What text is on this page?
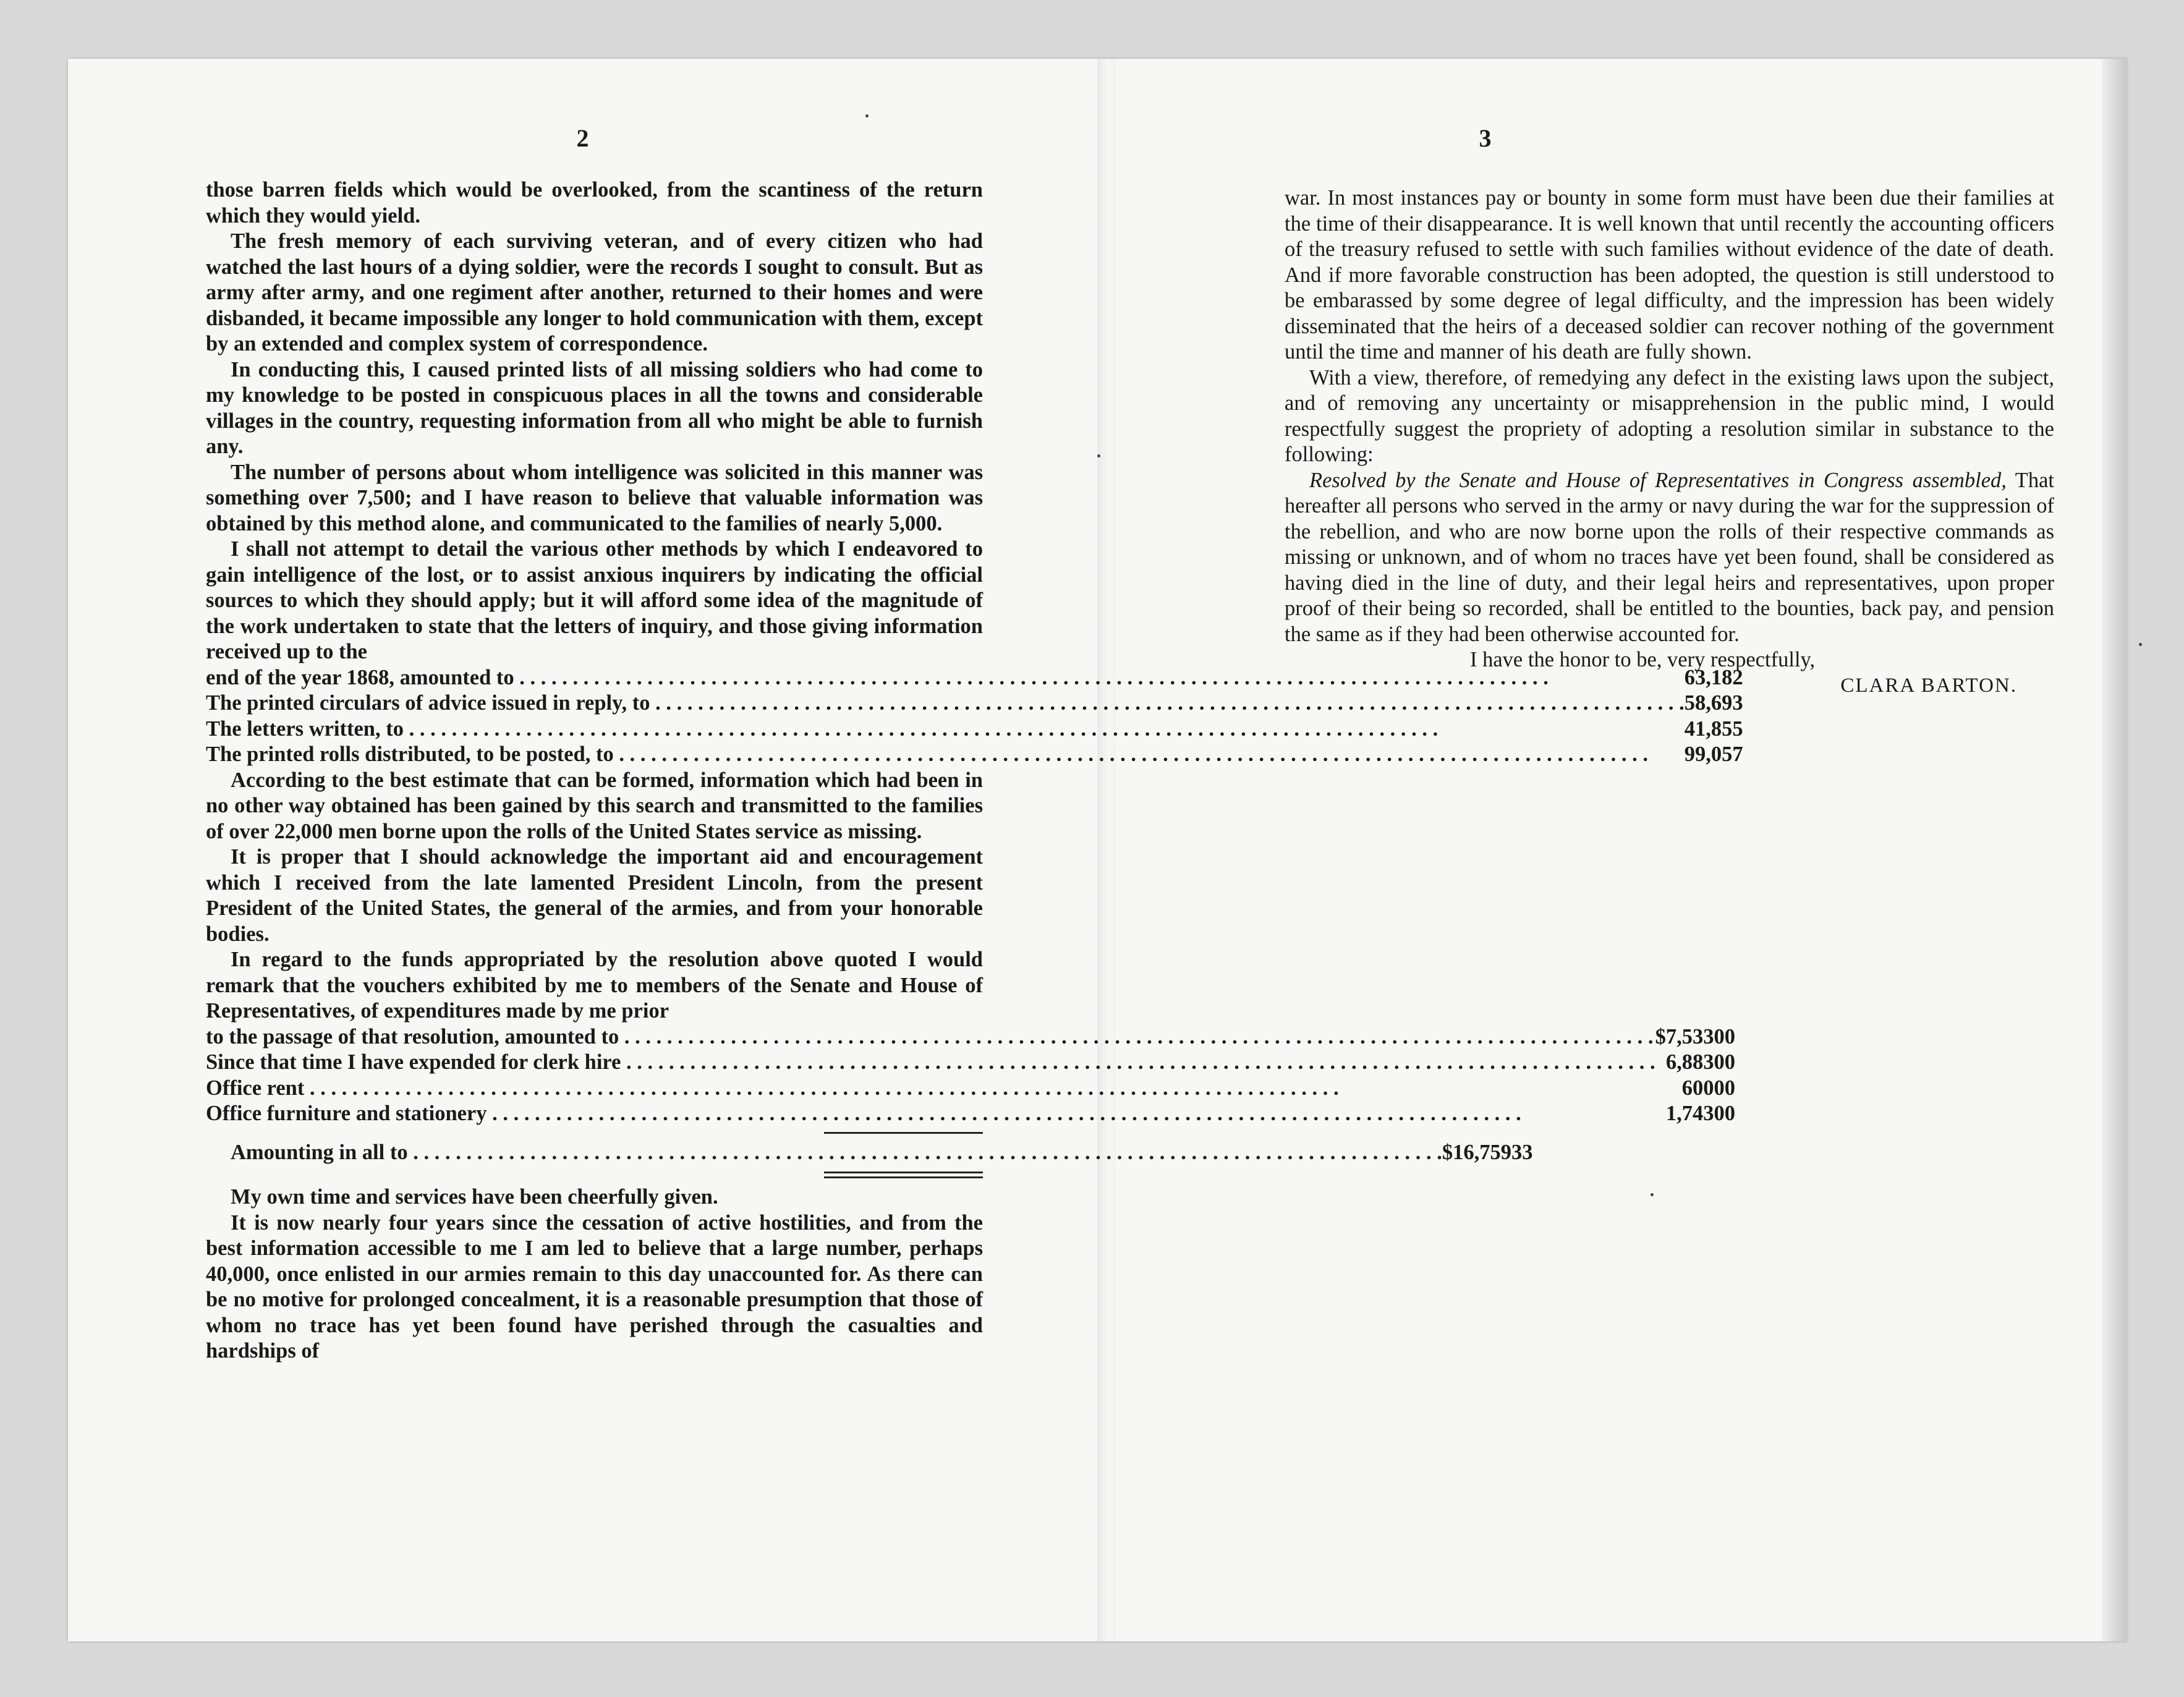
2

those barren fields which would be overlooked, from the scantiness of the return which they would yield.

The fresh memory of each surviving veteran, and of every citizen who had watched the last hours of a dying soldier, were the records I sought to consult. But as army after army, and one regiment after another, returned to their homes and were disbanded, it became impossible any longer to hold communication with them, except by an extended and complex system of correspondence.

In conducting this, I caused printed lists of all missing soldiers who had come to my knowledge to be posted in conspicuous places in all the towns and considerable villages in the country, requesting information from all who might be able to furnish any.

The number of persons about whom intelligence was solicited in this manner was something over 7,500; and I have reason to believe that valuable information was obtained by this method alone, and communicated to the families of nearly 5,000.

I shall not attempt to detail the various other methods by which I endeavored to gain intelligence of the lost, or to assist anxious inquirers by indicating the official sources to which they should apply; but it will afford some idea of the magnitude of the work undertaken to state that the letters of inquiry, and those giving information received up to the

end of the year 1868, amounted to . . .	63,182

The printed circulars of advice issued in reply, to . . .	58,693

The letters written, to . . .	41,855

The printed rolls distributed, to be posted, to . . .	99,057

According to the best estimate that can be formed, information which had been in no other way obtained has been gained by this search and transmitted to the families of over 22,000 men borne upon the rolls of the United States service as missing.

It is proper that I should acknowledge the important aid and encouragement which I received from the late lamented President Lincoln, from the present President of the United States, the general of the armies, and from your honorable bodies.

In regard to the funds appropriated by the resolution above quoted I would remark that the vouchers exhibited by me to members of the Senate and House of Representatives, of expenditures made by me prior

to the passage of that resolution, amounted to . . .	$7,533	00

Since that time I have expended for clerk hire . . .	6,883	00

Office rent . . .	600	00

Office furniture and stationery . . .	1,743	00
Amounting in all to . . .	$16,759	33

My own time and services have been cheerfully given.

It is now nearly four years since the cessation of active hostilities, and from the best information accessible to me I am led to believe that a large number, perhaps 40,000, once enlisted in our armies remain to this day unaccounted for. As there can be no motive for prolonged concealment, it is a reasonable presumption that those of whom no trace has yet been found have perished through the casualties and hardships of

3

war. In most instances pay or bounty in some form must have been due their families at the time of their disappearance. It is well known that until recently the accounting officers of the treasury refused to settle with such families without evidence of the date of death. And if more favorable construction has been adopted, the question is still understood to be embarassed by some degree of legal difficulty, and the impression has been widely disseminated that the heirs of a deceased soldier can recover nothing of the government until the time and manner of his death are fully shown.

With a view, therefore, of remedying any defect in the existing laws upon the subject, and of removing any uncertainty or misapprehension in the public mind, I would respectfully suggest the propriety of adopting a resolution similar in substance to the following:

Resolved by the Senate and House of Representatives in Congress assembled, That hereafter all persons who served in the army or navy during the war for the suppression of the rebellion, and who are now borne upon the rolls of their respective commands as missing or unknown, and of whom no traces have yet been found, shall be considered as having died in the line of duty, and their legal heirs and representatives, upon proper proof of their being so recorded, shall be entitled to the bounties, back pay, and pension the same as if they had been otherwise accounted for.

I have the honor to be, very respectfully,

CLARA BARTON.
